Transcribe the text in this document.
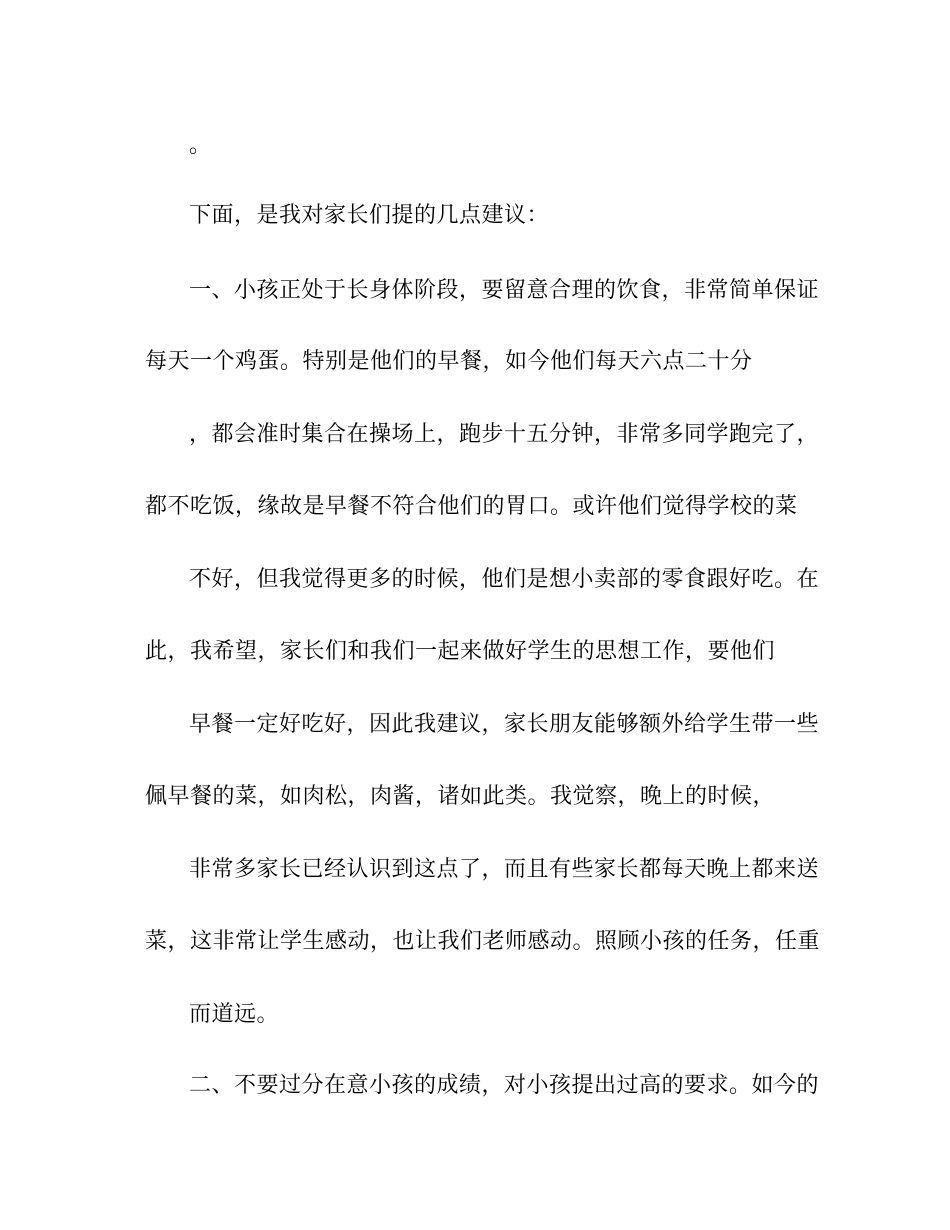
。
下面，是我对家长们提的几点建议：
一、小孩正处于长身体阶段，要留意合理的饮食，非常简单保证
每天一个鸡蛋。特别是他们的早餐，如今他们每天六点二十分
，都会准时集合在操场上，跑步十五分钟，非常多同学跑完了，
都不吃饭，缘故是早餐不符合他们的胃口。或许他们觉得学校的菜
不好，但我觉得更多的时候，他们是想小卖部的零食跟好吃。在
此，我希望，家长们和我们一起来做好学生的思想工作，要他们
早餐一定好吃好，因此我建议，家长朋友能够额外给学生带一些
佩早餐的菜，如肉松，肉酱，诸如此类。我觉察，晚上的时候，
非常多家长已经认识到这点了，而且有些家长都每天晚上都来送
菜，这非常让学生感动，也让我们老师感动。照顾小孩的任务，任重
而道远。
二、不要过分在意小孩的成绩，对小孩提出过高的要求。如今的
